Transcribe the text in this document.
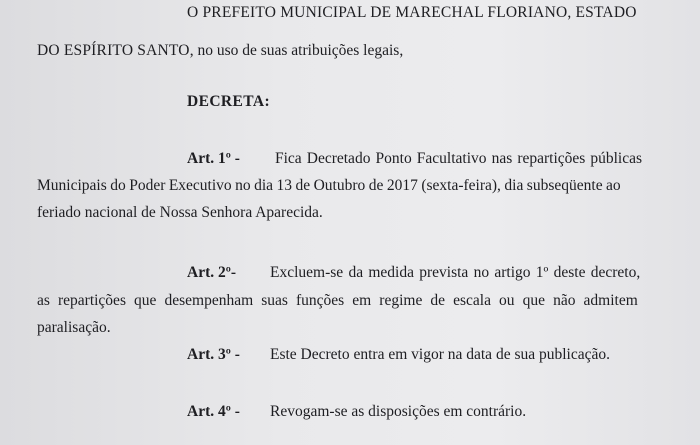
O PREFEITO MUNICIPAL DE MARECHAL FLORIANO, ESTADO
DO ESPÍRITO SANTO, no uso de suas atribuições legais,
DECRETA:
Art. 1º - Fica Decretado Ponto Facultativo nas repartições públicas
Municipais do Poder Executivo no dia 13 de Outubro de 2017 (sexta-feira), dia subseqüente ao
feriado nacional de Nossa Senhora Aparecida.
Art. 2º- Excluem-se da medida prevista no artigo 1º deste decreto,
as repartições que desempenham suas funções em regime de escala ou que não admitem
paralisação.
Art. 3º - Este Decreto entra em vigor na data de sua publicação.
Art. 4º - Revogam-se as disposições em contrário.
